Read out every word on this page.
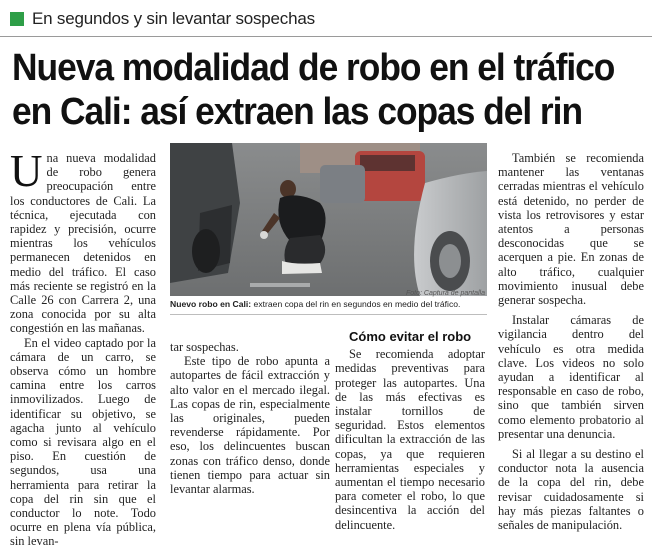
En segundos y sin levantar sospechas
Nueva modalidad de robo en el tráfico
en Cali: así extraen las copas del rin

Una nueva modalidad de robo genera preocupación entre los conductores de Cali. La técnica, ejecutada con rapidez y precisión, ocurre mientras los vehículos permanecen detenidos en medio del tráfico. El caso más reciente se registró en la Calle 26 con Carrera 2, una zona conocida por su alta congestión en las mañanas.

En el video captado por la cámara de un carro, se observa cómo un hombre camina entre los carros inmovilizados. Luego de identificar su objetivo, se agacha junto al vehículo como si revisara algo en el piso. En cuestión de segundos, usa una herramienta para retirar la copa del rin sin que el conductor lo note. Todo ocurre en plena vía pública, sin levan-

Foto: Captura de pantalla
Nuevo robo en Cali: extraen copa del rin en segundos en medio del tráfico.

tar sospechas.

Este tipo de robo apunta a autopartes de fácil extracción y alto valor en el mercado ilegal. Las copas de rin, especialmente las originales, pueden revenderse rápidamente. Por eso, los delincuentes buscan zonas con tráfico denso, donde tienen tiempo para actuar sin levantar alarmas.

Cómo evitar el robo

Se recomienda adoptar medidas preventivas para proteger las autopartes. Una de las más efectivas es instalar tornillos de seguridad. Estos elementos dificultan la extracción de las copas, ya que requieren herramientas especiales y aumentan el tiempo necesario para cometer el robo, lo que desincentiva la acción del delincuente.

También se recomienda mantener las ventanas cerradas mientras el vehículo está detenido, no perder de vista los retrovisores y estar atentos a personas desconocidas que se acerquen a pie. En zonas de alto tráfico, cualquier movimiento inusual debe generar sospecha.

Instalar cámaras de vigilancia dentro del vehículo es otra medida clave. Los videos no solo ayudan a identificar al responsable en caso de robo, sino que también sirven como elemento probatorio al presentar una denuncia.

Si al llegar a su destino el conductor nota la ausencia de la copa del rin, debe revisar cuidadosamente si hay más piezas faltantes o señales de manipulación.
